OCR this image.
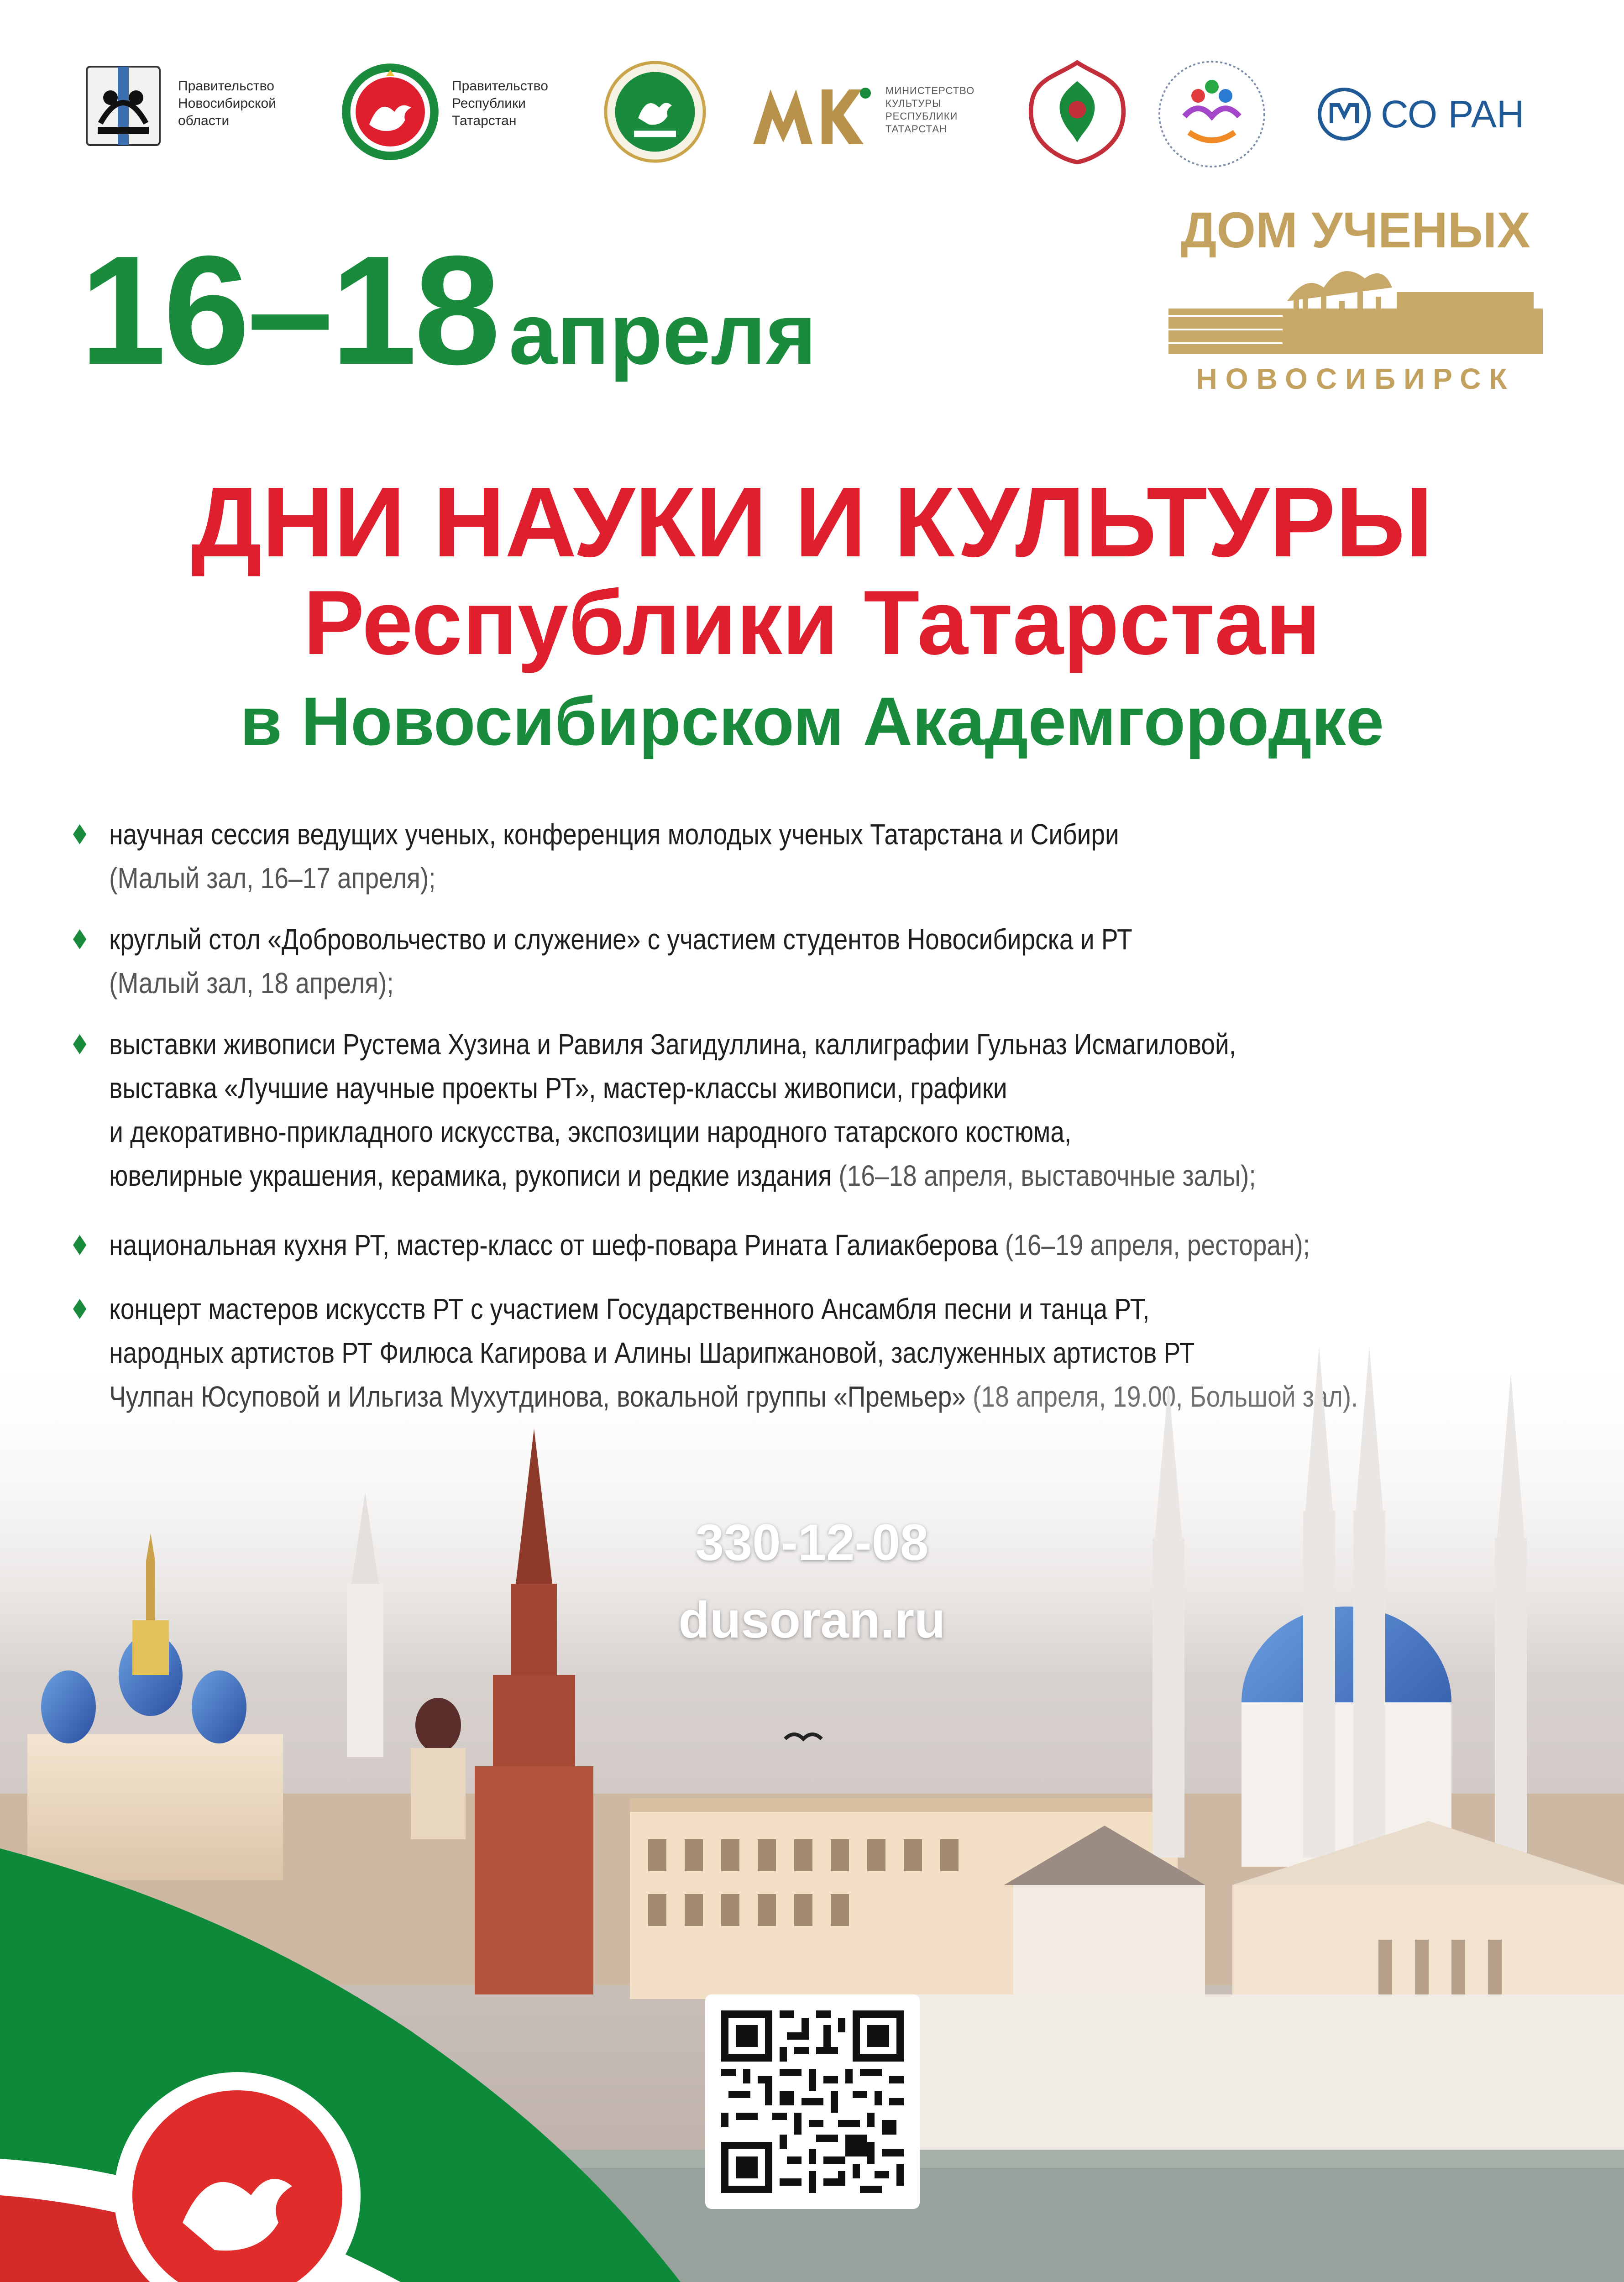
Правительство
Новосибирской
области
Правительство
Республики
Татарстан
МИНИСТЕРСТВО
КУЛЬТУРЫ
РЕСПУБЛИКИ
ТАТАРСТАН	СО РАН
ДОМ УЧЕНЫХ
НОВОСИБИРСК
16–18 апреля
ДНИ НАУКИ И КУЛЬТУРЫ
Республики Татарстан
в Новосибирском Академгородке
научная сессия ведущих ученых, конференция молодых ученых Татарстана и Сибири
(Малый зал, 16–17 апреля);
круглый стол «Добровольчество и служение» с участием студентов Новосибирска и РТ
(Малый зал, 18 апреля);
выставки живописи Рустема Хузина и Равиля Загидуллина, каллиграфии Гульназ Исмагиловой,
выставка «Лучшие научные проекты РТ», мастер-классы живописи, графики
и декоративно-прикладного искусства, экспозиции народного татарского костюма,
ювелирные украшения, керамика, рукописи и редкие издания (16–18 апреля, выставочные залы);
национальная кухня РТ, мастер-класс от шеф-повара Рината Галиакберова (16–19 апреля, ресторан);
концерт мастеров искусств РТ с участием Государственного Ансамбля песни и танца РТ,
330-12-08
dusoran.ru
